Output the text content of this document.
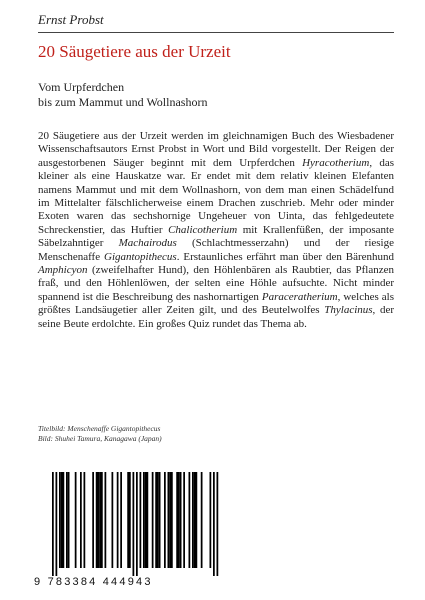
Ernst Probst
20 Säugetiere aus der Urzeit
Vom Urpferdchen
bis zum Mammut und Wollnashorn
20 Säugetiere aus der Urzeit werden im gleichnamigen Buch des Wiesbadener Wissenschaftsautors Ernst Probst in Wort und Bild vorgestellt. Der Reigen der ausgestorbenen Säuger beginnt mit dem Urpferdchen Hyracotherium, das kleiner als eine Hauskatze war. Er endet mit dem relativ kleinen Elefanten namens Mammut und mit dem Wollnashorn, von dem man einen Schädelfund im Mittelalter fälschlicherweise einem Drachen zuschrieb. Mehr oder minder Exoten waren das sechshornige Ungeheuer von Uinta, das fehlgedeutete Schreckenstier, das Huftier Chalicotherium mit Krallenfüßen, der imposante Säbelzahntiger Machairodus (Schlachtmesserzahn) und der riesige Menschenaffe Gigantopithecus. Erstaunliches erfährt man über den Bärenhund Amphicyon (zweifelhafter Hund), den Höhlenbären als Raubtier, das Pflanzen fraß, und den Höhlenlöwen, der selten eine Höhle aufsuchte. Nicht minder spannend ist die Beschreibung des nashornartigen Paraceratherium, welches als größtes Landsäugetier aller Zeiten gilt, und des Beutelwolfes Thylacinus, der seine Beute erdolchte. Ein großes Quiz rundet das Thema ab.
Titelbild: Menschenaffe Gigantopithecus
Bild: Shuhei Tamura, Kanagawa (Japan)
9 783384 444943
